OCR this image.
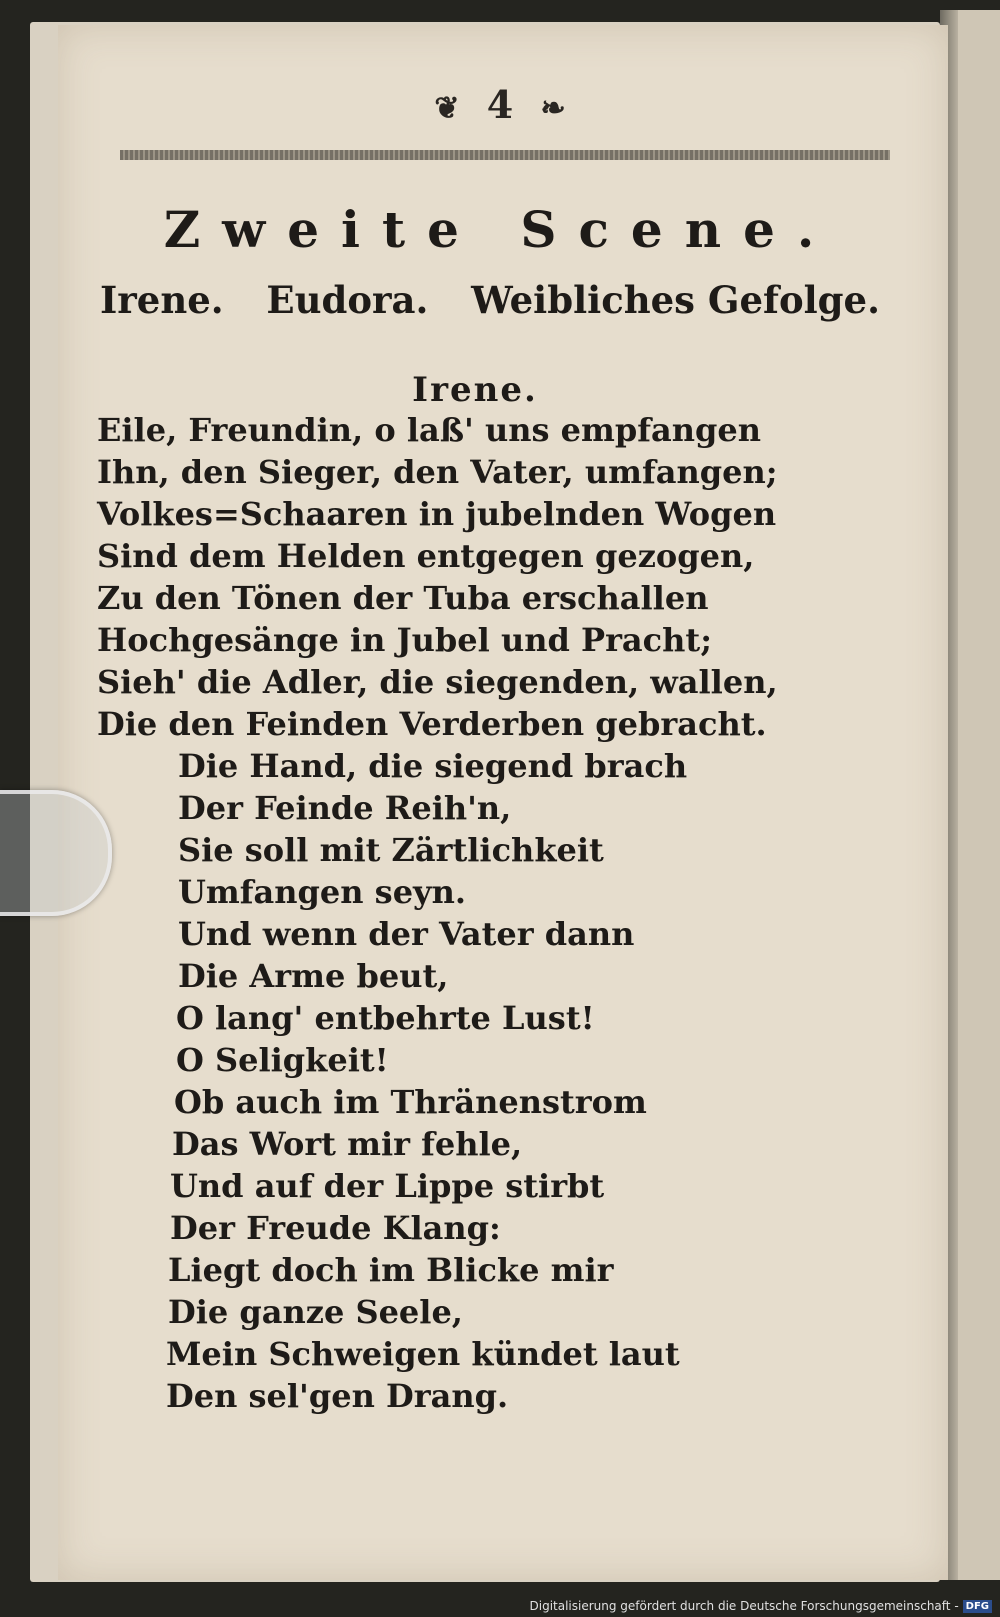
❦ 4 ❧
Zweite Scene.
Irene. Eudora. Weibliches Gefolge.
Irene.
Eile, Freundin, o laß' uns empfangen
Ihn, den Sieger, den Vater, umfangen;
Volkes=Schaaren in jubelnden Wogen
Sind dem Helden entgegen gezogen,
Zu den Tönen der Tuba erschallen
Hochgesänge in Jubel und Pracht;
Sieh' die Adler, die siegenden, wallen,
Die den Feinden Verderben gebracht.
Die Hand, die siegend brach
Der Feinde Reih'n,
Sie soll mit Zärtlichkeit
Umfangen seyn.
Und wenn der Vater dann
Die Arme beut,
O lang' entbehrte Lust!
O Seligkeit!
Ob auch im Thränenstrom
Das Wort mir fehle,
Und auf der Lippe stirbt
Der Freude Klang:
Liegt doch im Blicke mir
Die ganze Seele,
Mein Schweigen kündet laut
Den sel'gen Drang.
Digitalisierung gefördert durch die Deutsche Forschungsgemeinschaft - DFG
